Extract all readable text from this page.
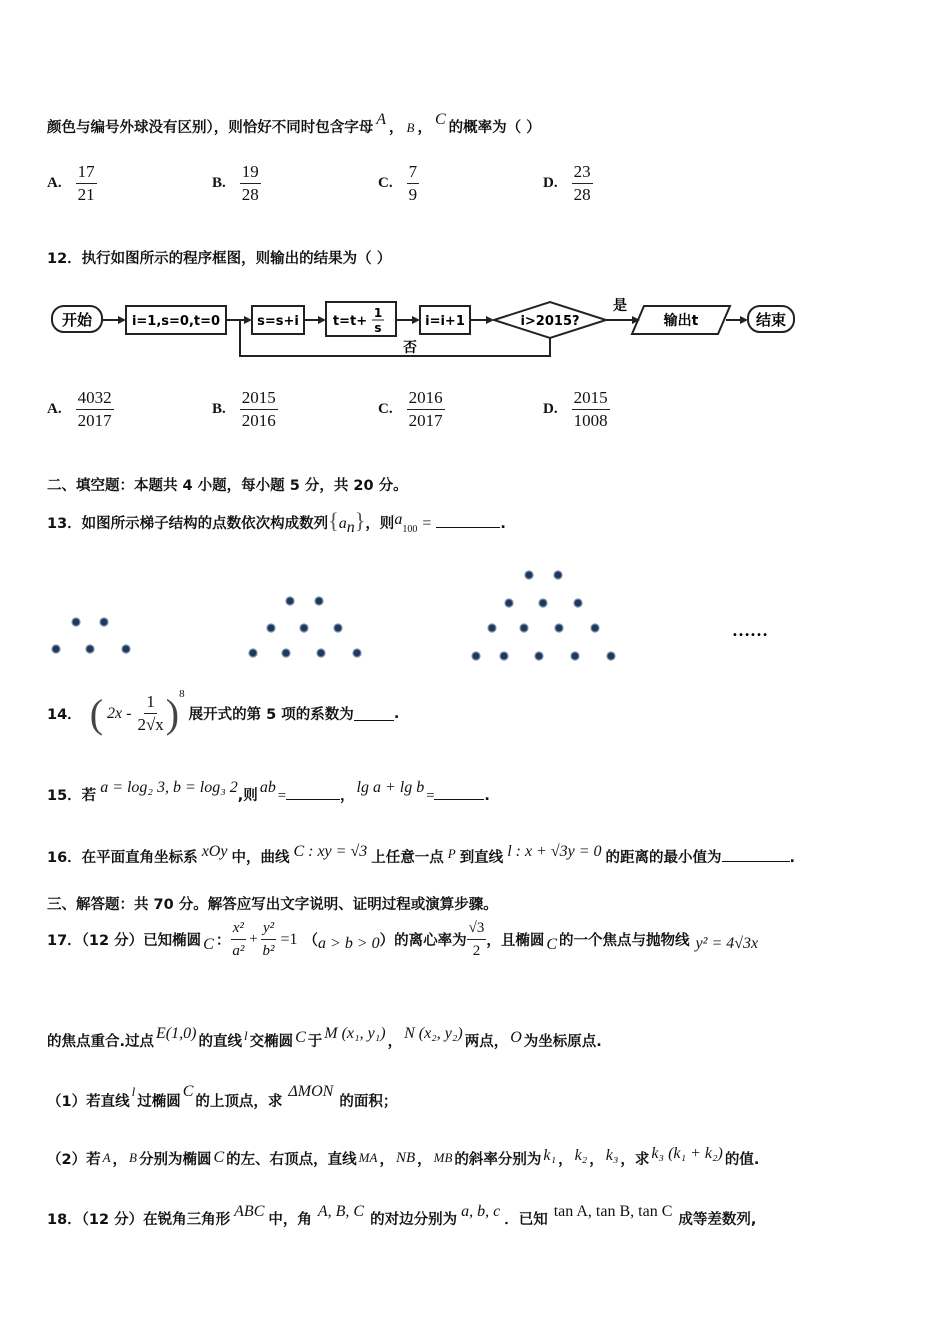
颜色与编号外球没有区别），则恰好不同时包含字母 A ， B ， C 的概率为（ ）
A. $\frac{17}{21}$	B. $\frac{19}{28}$	C. $\frac{7}{9}$	D. $\frac{23}{28}$
12．执行如图所示的程序框图，则输出的结果为（ ）
开始	i=1,s=0,t=0	s=s+i	t=t+
1
s	i=i+1	i>2015?
是
否
输出t	结束
A. $\frac{4032}{2017}$	B. $\frac{2015}{2016}$	C. $\frac{2016}{2017}$	D. $\frac{2015}{1008}$
二、填空题：本题共 4 小题，每小题 5 分，共 20 分。
13．如图所示梯子结构的点数依次构成数列$\{a_n\}$，则$a_{100}$ =	.
……
14． ( $2x - \frac{1}{2√x} )^8$
展开式的第 5 项的系数为	.
15．若 a = log₂ 3, b = log₃ 2,则 ab =	， lg a + lg b =	.
16．在平面直角坐标系 xOy 中，曲线 C : xy = √3 上任意一点 P 到直线 l : x + √3y = 0 的距离的最小值为	.
三、解答题：共 70 分。解答应写出文字说明、证明过程或演算步骤。
17．（12 分）已知椭圆 C ： $\frac{\text{x²}}{\text{a²}} + \frac{\text{y²}}{\text{b²}} =1$ （ a > b > 0 ） 的离心率为 $\frac{√3}{2}$ ，且椭圆 C 的一个焦点与抛物线 y² = 4√3x
的焦点重合.过点 E(1,0) 的直线 l 交椭圆 C 于 M (x₁, y₁) ， N (x₂, y₂) 两点， O 为坐标原点.
（1）若直线l过椭圆C的上顶点，求ΔMON的面积；
（2）若 A ， B 分别为椭圆 C 的左、右顶点，直线 MA ， NB ， MB 的斜率分别为 k₁ ， k₂ ， k₃ ，求 k₃ (k₁ + k₂) 的值.
18．（12 分）在锐角三角形 ABC 中，角 A, B, C 的对边分别为 a, b, c ．已知 tan A, tan B, tan C 成等差数列,
